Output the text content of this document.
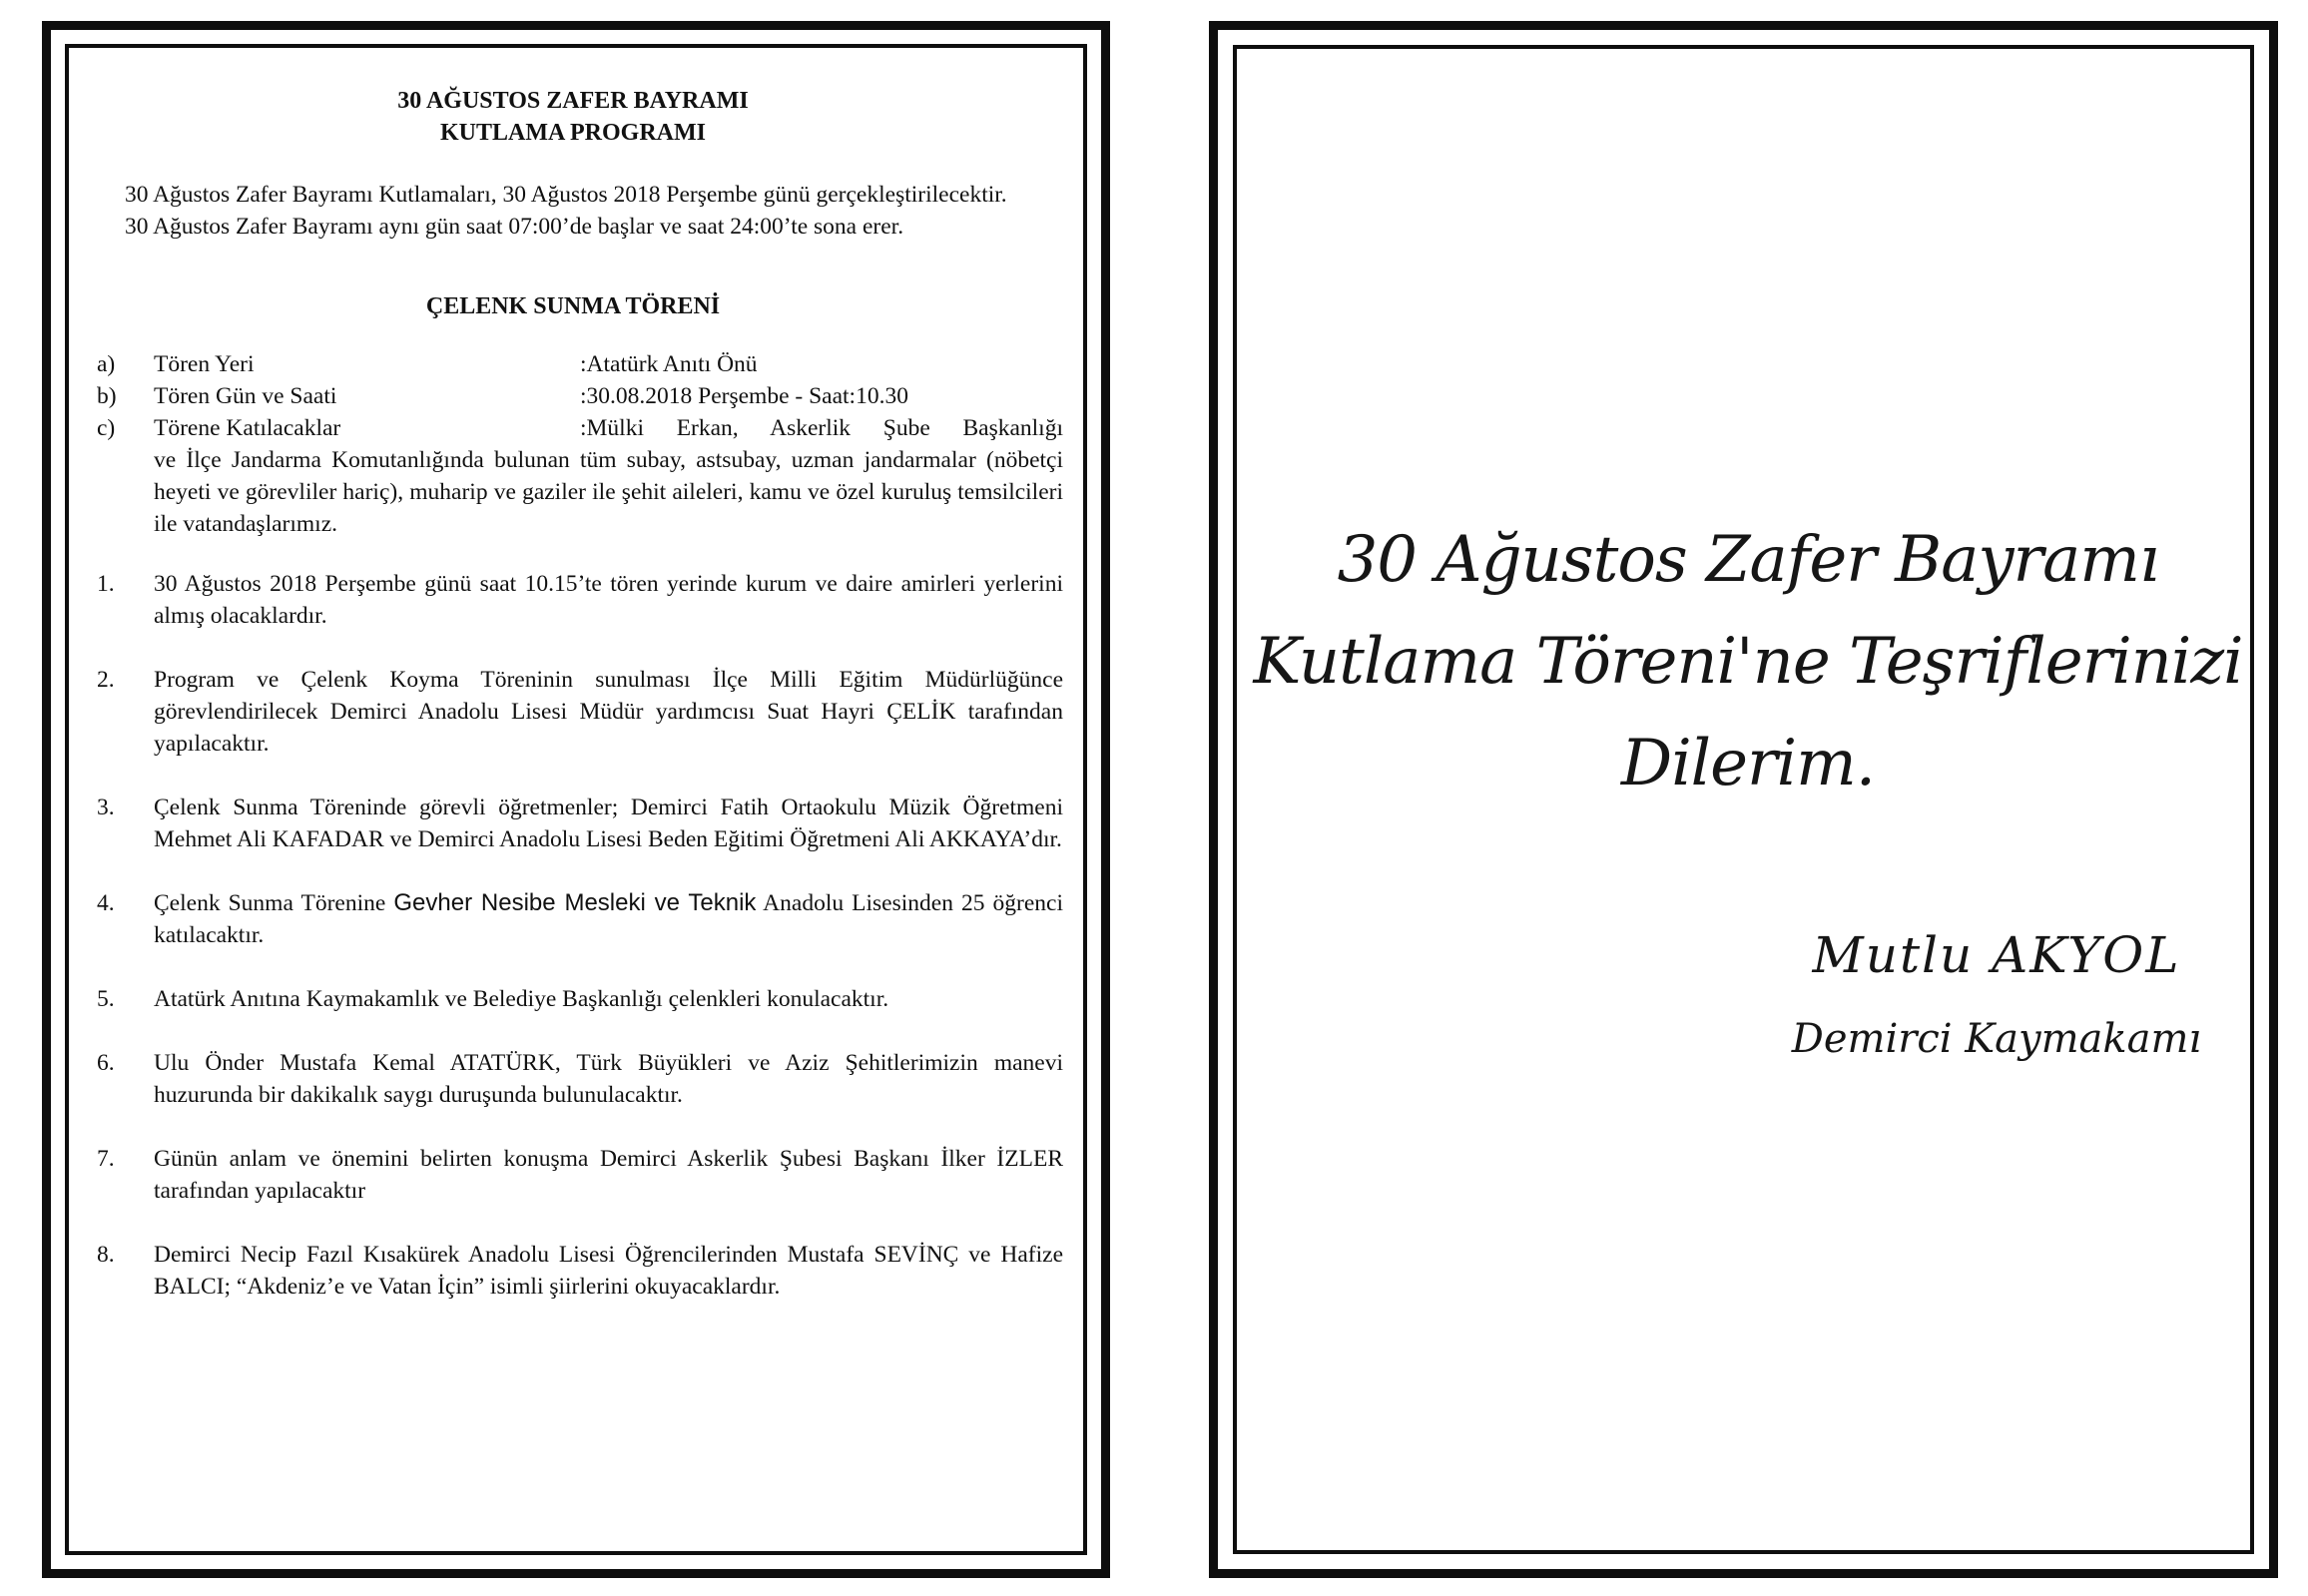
30 AĞUSTOS ZAFER BAYRAMI

KUTLAMA PROGRAMI

30 Ağustos Zafer Bayramı Kutlamaları, 30 Ağustos 2018 Perşembe günü gerçekleştirilecektir.

30 Ağustos Zafer Bayramı aynı gün saat 07:00’de başlar ve saat 24:00’te sona erer.

ÇELENK SUNMA TÖRENİ

a) Tören Yeri	:Atatürk Anıtı Önü
b) Tören Gün ve Saati	:30.08.2018 Perşembe - Saat:10.30
c) Törene Katılacaklar	:Mülki Erkan, Askerlik Şube Başkanlığı

ve İlçe Jandarma Komutanlığında bulunan tüm subay, astsubay, uzman jandarmalar (nöbetçi heyeti ve görevliler hariç), muharip ve gaziler ile şehit aileleri, kamu ve özel kuruluş temsilcileri ile vatandaşlarımız.

1. 30 Ağustos 2018 Perşembe günü saat 10.15’te tören yerinde kurum ve daire amirleri yerlerini almış olacaklardır.
2. Program ve Çelenk Koyma Töreninin sunulması İlçe Milli Eğitim Müdürlüğünce görevlendirilecek Demirci Anadolu Lisesi Müdür yardımcısı Suat Hayri ÇELİK tarafından yapılacaktır.
3. Çelenk Sunma Töreninde görevli öğretmenler; Demirci Fatih Ortaokulu Müzik Öğretmeni Mehmet Ali KAFADAR ve Demirci Anadolu Lisesi Beden Eğitimi Öğretmeni Ali AKKAYA’dır.
4. Çelenk Sunma Törenine Gevher Nesibe Mesleki ve Teknik Anadolu Lisesinden 25 öğrenci katılacaktır.
5. Atatürk Anıtına Kaymakamlık ve Belediye Başkanlığı çelenkleri konulacaktır.
6. Ulu Önder Mustafa Kemal ATATÜRK, Türk Büyükleri ve Aziz Şehitlerimizin manevi huzurunda bir dakikalık saygı duruşunda bulunulacaktır.
7. Günün anlam ve önemini belirten konuşma Demirci Askerlik Şubesi Başkanı İlker İZLER tarafından yapılacaktır
8. Demirci Necip Fazıl Kısakürek Anadolu Lisesi Öğrencilerinden Mustafa SEVİNÇ ve Hafize BALCI; “Akdeniz’e ve Vatan İçin” isimli şiirlerini okuyacaklardır.
30 Ağustos Zafer Bayramı
Kutlama Töreni'ne Teşriflerinizi
Dilerim.
Mutlu AKYOL
Demirci Kaymakamı
